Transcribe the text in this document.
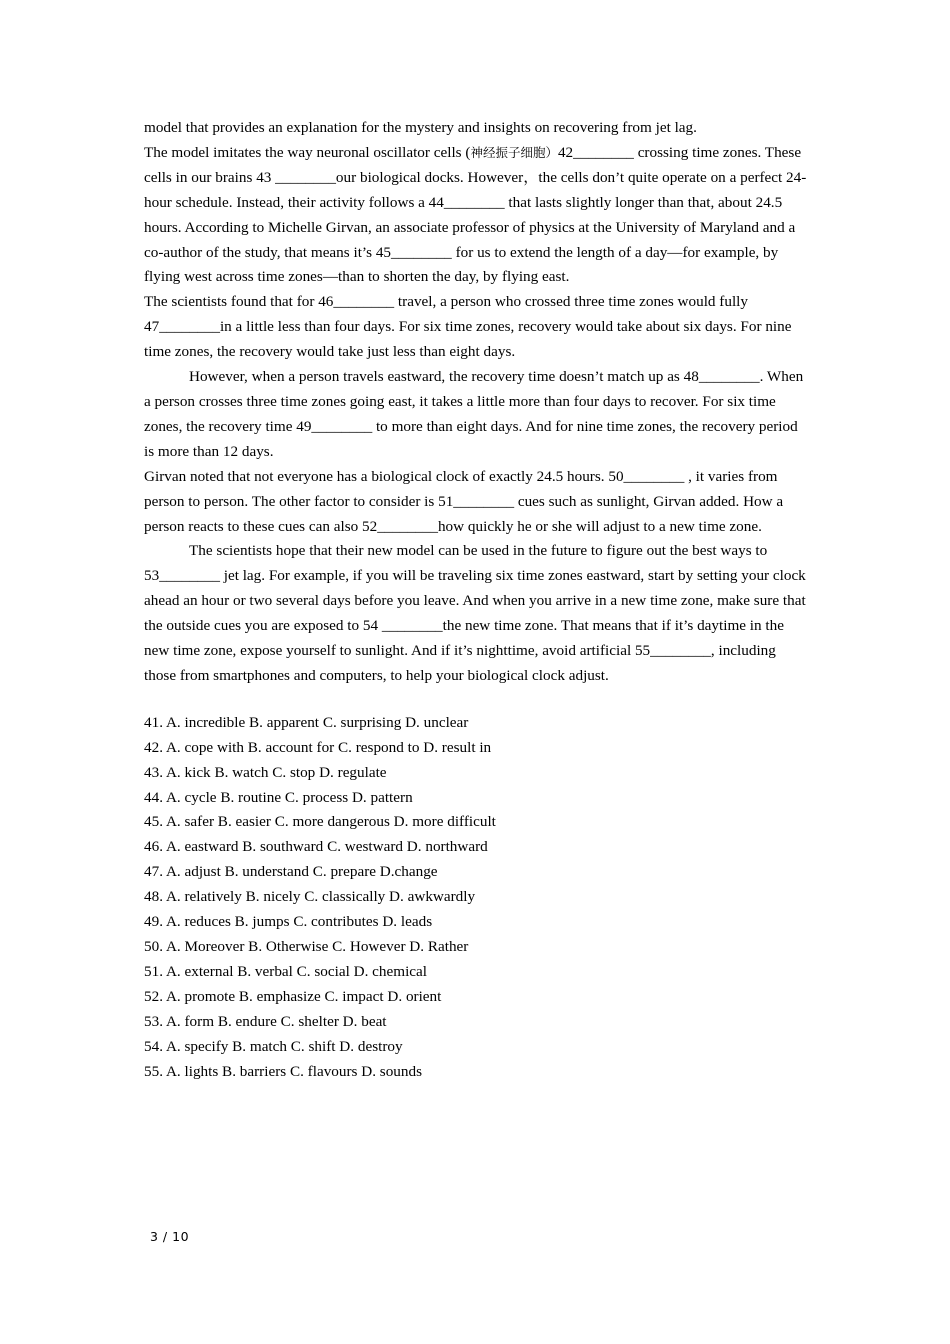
model that provides an explanation for the mystery and insights on recovering from jet lag.

The model imitates the way neuronal oscillator cells (神经振子细胞）42________ crossing time zones. These cells in our brains 43 ________our biological docks. However，the cells don’t quite operate on a perfect 24-hour schedule. Instead, their activity follows a 44________ that lasts slightly longer than that, about 24.5 hours. According to Michelle Girvan, an associate professor of physics at the University of Maryland and a co-author of the study, that means it’s 45________ for us to extend the length of a day—for example, by flying west across time zones—than to shorten the day, by flying east.

The scientists found that for 46________ travel, a person who crossed three time zones would fully 47________in a little less than four days. For six time zones, recovery would take about six days. For nine time zones, the recovery would take just less than eight days.

However, when a person travels eastward, the recovery time doesn’t match up as 48________. When a person crosses three time zones going east, it takes a little more than four days to recover. For six time zones, the recovery time 49________ to more than eight days. And for nine time zones, the recovery period is more than 12 days.

Girvan noted that not everyone has a biological clock of exactly 24.5 hours. 50________ , it varies from person to person. The other factor to consider is 51________ cues such as sunlight, Girvan added. How a person reacts to these cues can also 52________how quickly he or she will adjust to a new time zone.

The scientists hope that their new model can be used in the future to figure out the best ways to 53________ jet lag. For example, if you will be traveling six time zones eastward, start by setting your clock ahead an hour or two several days before you leave. And when you arrive in a new time zone, make sure that the outside cues you are exposed to 54 ________the new time zone. That means that if it’s daytime in the new time zone, expose yourself to sunlight. And if it’s nighttime, avoid artificial 55________, including those from smartphones and computers, to help your biological clock adjust.

41. A. incredible B. apparent C. surprising D. unclear

42. A. cope with B. account for C. respond to D. result in

43. A. kick B. watch C. stop D. regulate

44. A. cycle B. routine C. process D. pattern

45. A. safer B. easier C. more dangerous D. more difficult

46. A. eastward B. southward C. westward D. northward

47. A. adjust B. understand C. prepare D.change

48. A. relatively B. nicely C. classically D. awkwardly

49. A. reduces B. jumps C. contributes D. leads

50. A. Moreover B. Otherwise C. However D. Rather

51. A. external B. verbal C. social D. chemical

52. A. promote B. emphasize C. impact D. orient

53. A. form B. endure C. shelter D. beat

54. A. specify B. match C. shift D. destroy

55. A. lights B. barriers C. flavours D. sounds

3 / 10
